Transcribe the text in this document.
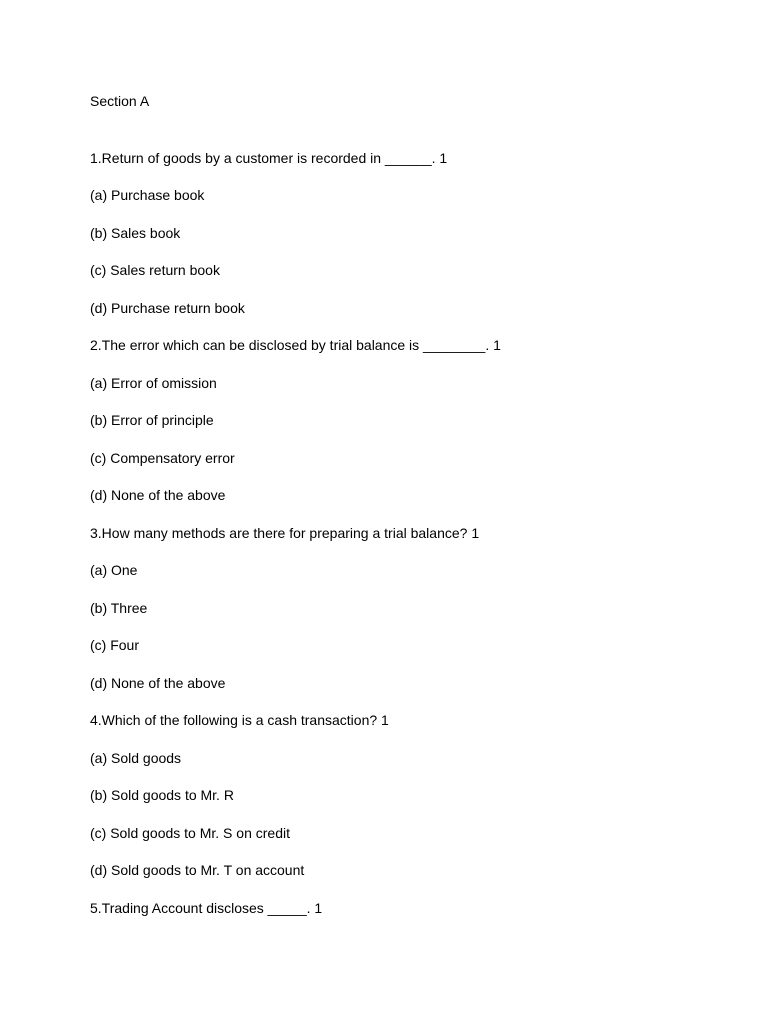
Section A

1.Return of goods by a customer is recorded in ______. 1

(a) Purchase book

(b) Sales book

(c) Sales return book

(d) Purchase return book

2.The error which can be disclosed by trial balance is ________. 1

(a) Error of omission

(b) Error of principle

(c) Compensatory error

(d) None of the above

3.How many methods are there for preparing a trial balance? 1

(a) One

(b) Three

(c) Four

(d) None of the above

4.Which of the following is a cash transaction? 1

(a) Sold goods

(b) Sold goods to Mr. R

(c) Sold goods to Mr. S on credit

(d) Sold goods to Mr. T on account

5.Trading Account discloses _____. 1
